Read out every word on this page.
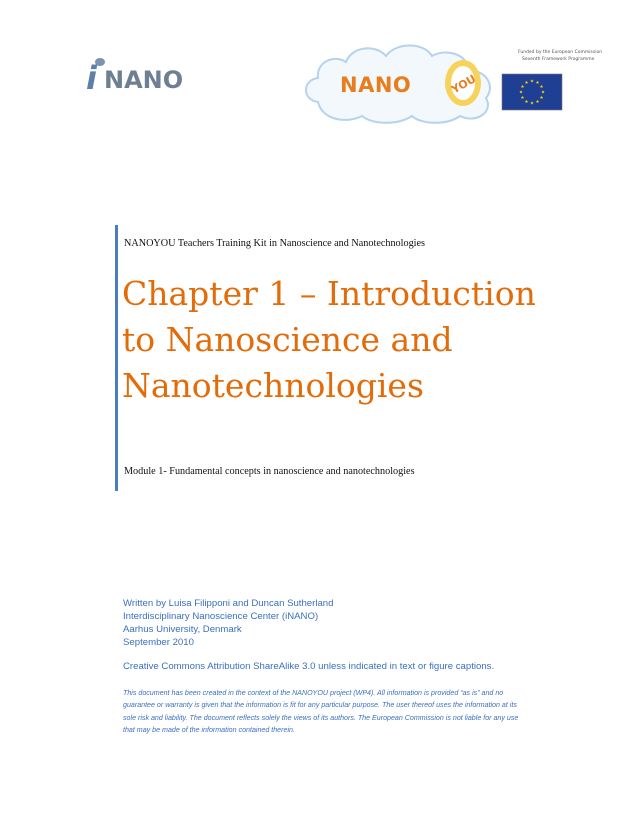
i NANO	NANO	YOU
Funded by the European Commission
Seventh Framework Programme
NANOYOU Teachers Training Kit in Nanoscience and Nanotechnologies
Chapter 1 – Introduction to Nanoscience and Nanotechnologies
Module 1- Fundamental concepts in nanoscience and nanotechnologies
Written by Luisa Filipponi and Duncan Sutherland
Interdisciplinary Nanoscience Center (iNANO)
Aarhus University, Denmark
September 2010
Creative Commons Attribution ShareAlike 3.0 unless indicated in text or figure captions.

This document has been created in the context of the NANOYOU project (WP4). All information is provided “as is” and no guarantee or warranty is given that the information is fit for any particular purpose. The user thereof uses the information at its sole risk and liability. The document reflects solely the views of its authors. The European Commission is not liable for any use that may be made of the information contained therein.
